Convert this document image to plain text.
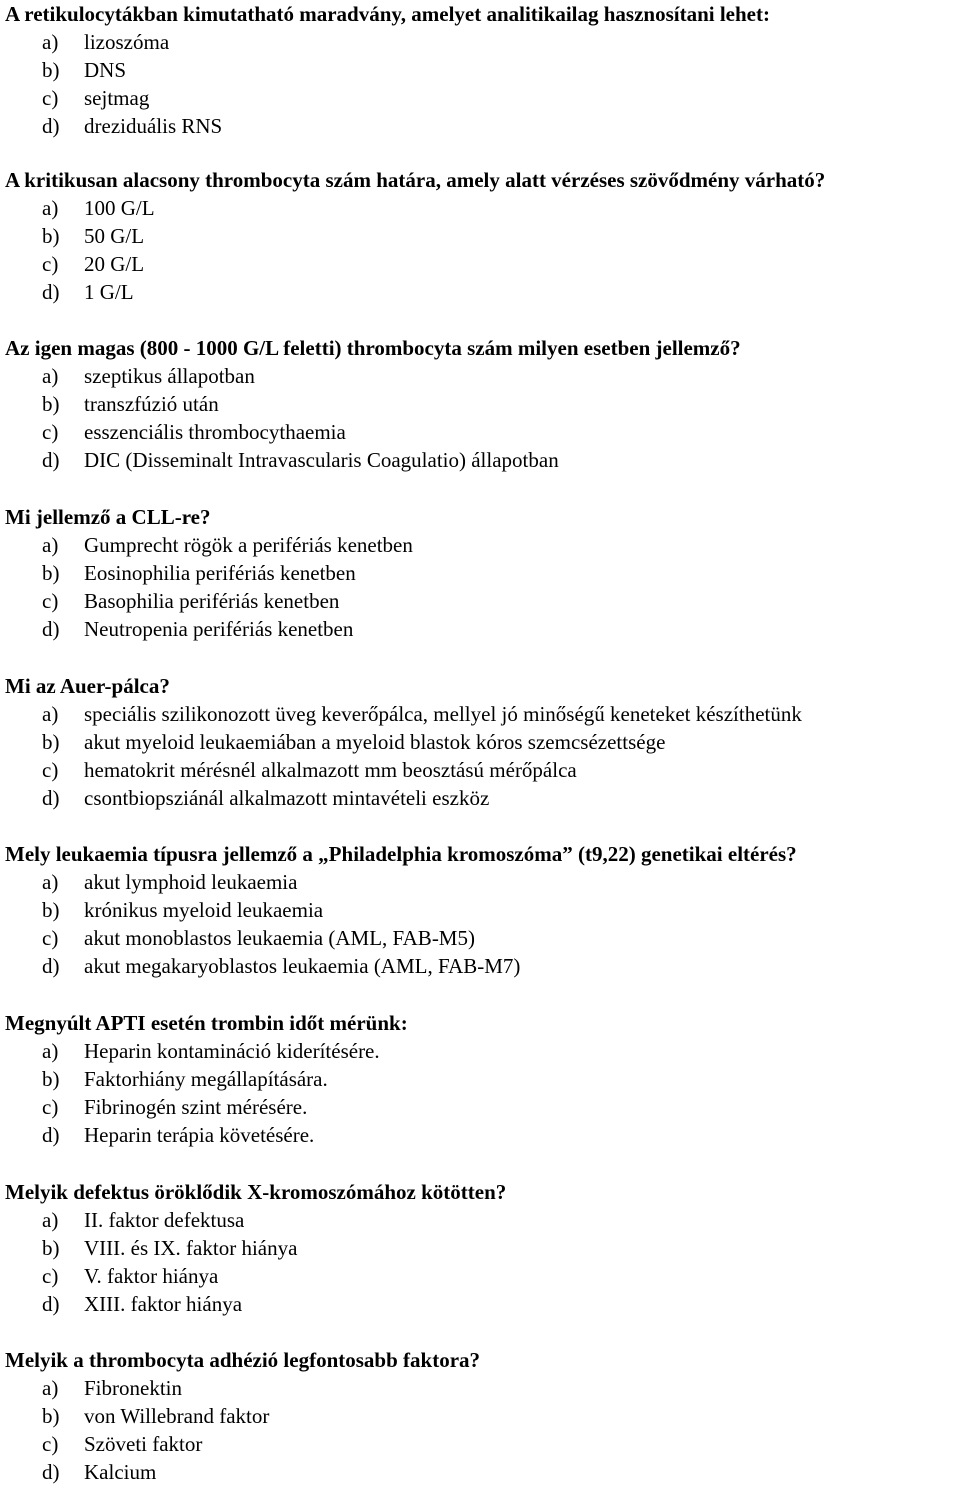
A retikulocytákban kimutatható maradvány, amelyet analitikailag hasznosítani lehet:
a) lizoszóma
b) DNS
c) sejtmag
d) dreziduális RNS
A kritikusan alacsony thrombocyta szám határa, amely alatt vérzéses szövődmény várható?
a) 100 G/L
b) 50 G/L
c) 20 G/L
d) 1 G/L
Az igen magas (800 - 1000 G/L feletti) thrombocyta szám milyen esetben jellemző?
a) szeptikus állapotban
b) transzfúzió után
c) esszenciális thrombocythaemia
d) DIC (Disseminalt Intravascularis Coagulatio) állapotban
Mi jellemző a CLL-re?
a) Gumprecht rögök a perifériás kenetben
b) Eosinophilia perifériás kenetben
c) Basophilia perifériás kenetben
d) Neutropenia perifériás kenetben
Mi az Auer-pálca?
a) speciális szilikonozott üveg keverőpálca, mellyel jó minőségű keneteket készíthetünk
b) akut myeloid leukaemiában a myeloid blastok kóros szemcsézettsége
c) hematokrit mérésnél alkalmazott mm beosztású mérőpálca
d) csontbiopsziánál alkalmazott mintavételi eszköz
Mely leukaemia típusra jellemző a „Philadelphia kromoszóma” (t9,22) genetikai eltérés?
a) akut lymphoid leukaemia
b) krónikus myeloid leukaemia
c) akut monoblastos leukaemia (AML, FAB-M5)
d) akut megakaryoblastos leukaemia (AML, FAB-M7)
Megnyúlt APTI esetén trombin időt mérünk:
a) Heparin kontamináció kiderítésére.
b) Faktorhiány megállapítására.
c) Fibrinogén szint mérésére.
d) Heparin terápia követésére.
Melyik defektus öröklődik X-kromoszómához kötötten?
a) II. faktor defektusa
b) VIII. és IX. faktor hiánya
c) V. faktor hiánya
d) XIII. faktor hiánya
Melyik a thrombocyta adhézió legfontosabb faktora?
a) Fibronektin
b) von Willebrand faktor
c) Szöveti faktor
d) Kalcium
